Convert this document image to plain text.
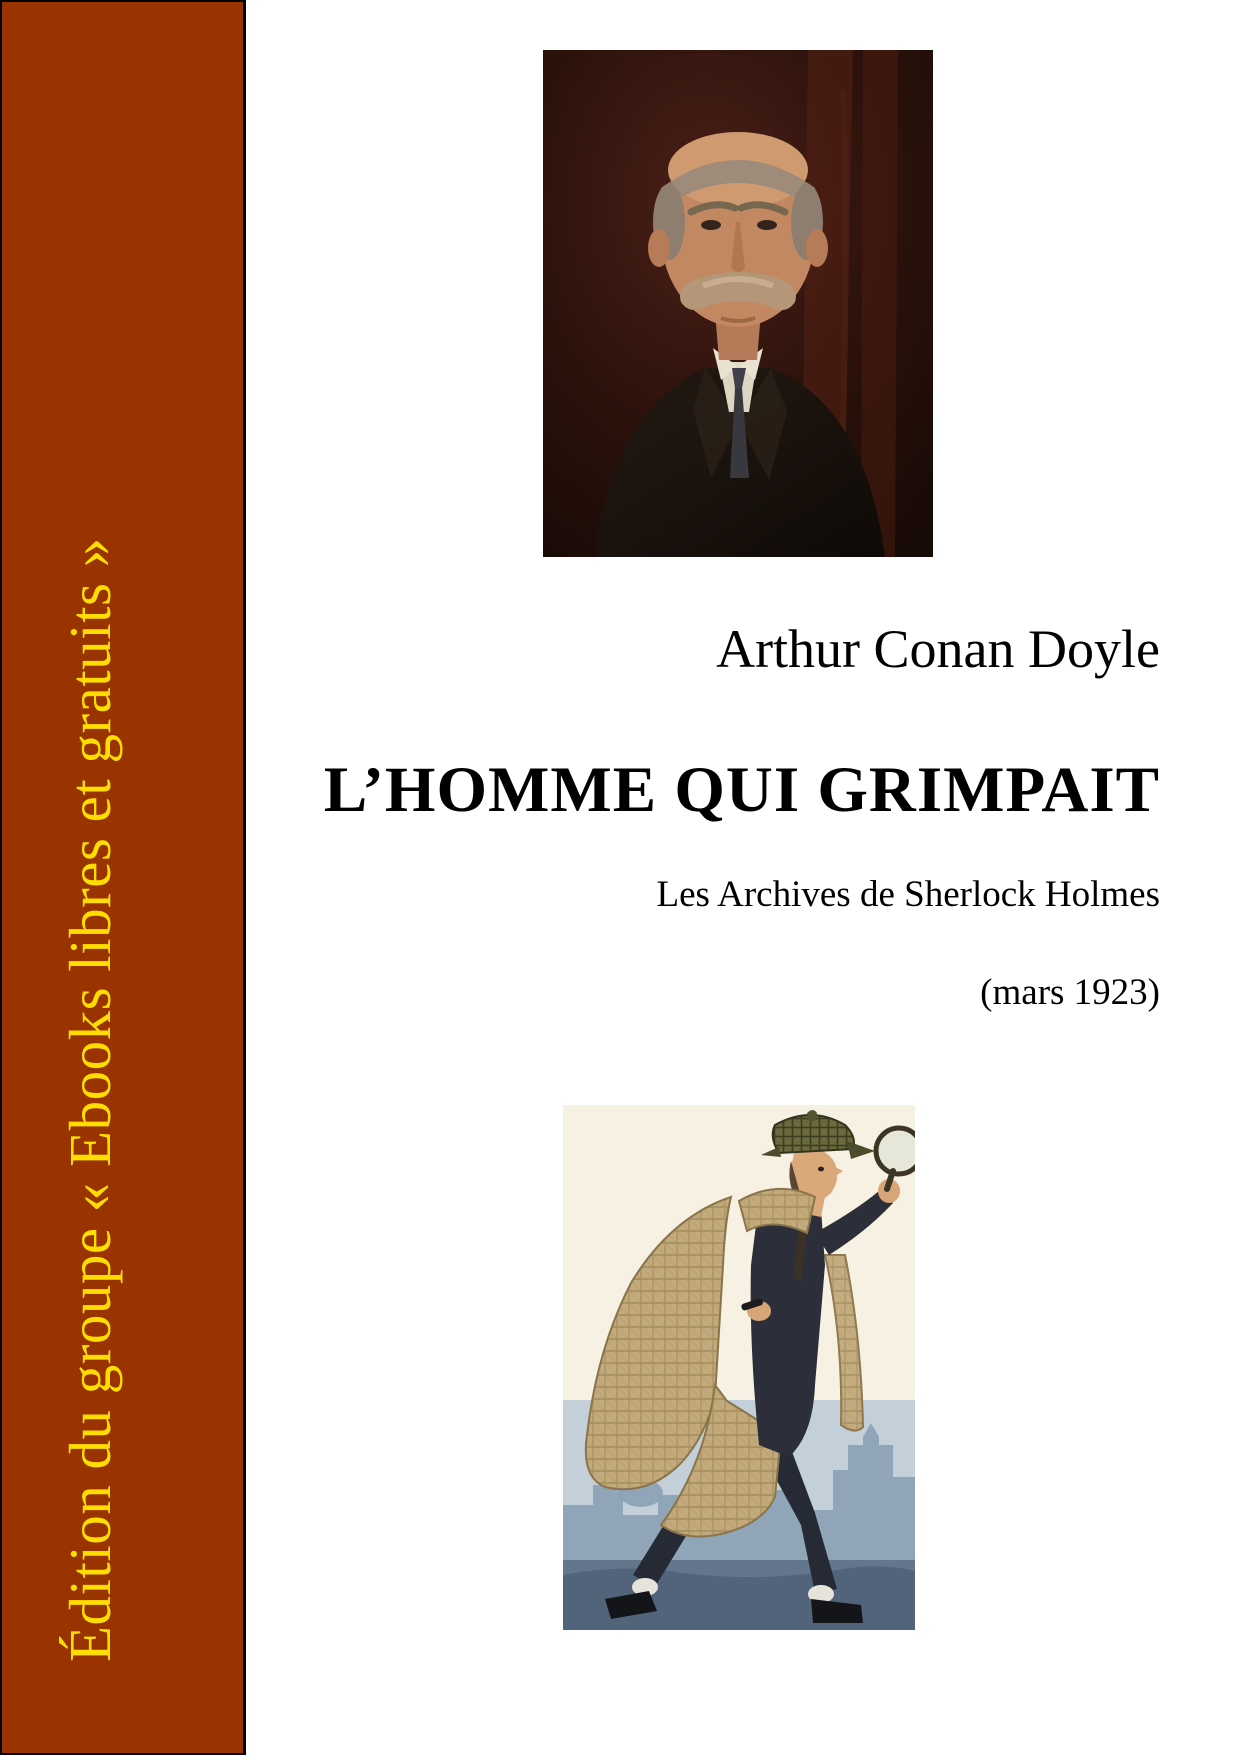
Édition du groupe « Ebooks libres et gratuits »	Arthur Conan Doyle
L’HOMME QUI GRIMPAIT
Les Archives de Sherlock Holmes
(mars 1923)
